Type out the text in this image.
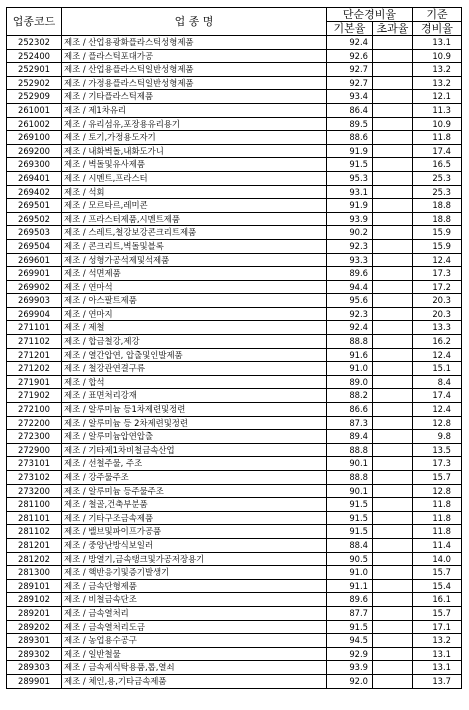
업종코드	업 종 명	단순경비율		기준
		기본율	초과율	경비율
252302	제조 / 산업용광화플라스틱성형제품	92.4		13.1
252400	제조 / 플라스틱포대가공	92.6		10.9
252901	제조 / 산업용플라스틱일반성형제품	92.7		13.2
252902	제조 / 가정용플라스틱일반성형제품	92.7		13.2
252909	제조 / 기타플라스틱제품	93.4		12.1
261001	제조 / 제1차유리	86.4		11.3
261002	제조 / 유리섬유,포장용유리용기	89.5		10.9
269100	제조 / 토기,가정용도자기	88.6		11.8
269200	제조 / 내화벽돌,내화도가니	91.9		17.4
269300	제조 / 벽돌및유사제품	91.5		16.5
269401	제조 / 시멘트,프라스터	95.3		25.3
269402	제조 / 석회	93.1		25.3
269501	제조 / 모르타르,레미콘	91.9		18.8
269502	제조 / 프라스터제품,시멘트제품	93.9		18.8
269503	제조 / 스레트,철강보강콘크리트제품	90.2		15.9
269504	제조 / 콘크리트,벽돌및블록	92.3		15.9
269601	제조 / 성형가공석제및석제품	93.3		12.4
269901	제조 / 석면제품	89.6		17.3
269902	제조 / 연마석	94.4		17.2
269903	제조 / 아스팔트제품	95.6		20.3
269904	제조 / 연마지	92.3		20.3
271101	제조 / 제철	92.4		13.3
271102	제조 / 합금철강,제강	88.8		16.2
271201	제조 / 열간압연, 압출및인발제품	91.6		12.4
271202	제조 / 철강관연결구류	91.0		15.1
271901	제조 / 합석	89.0		8.4
271902	제조 / 표면처리강재	88.2		17.4
272100	제조 / 알루미늄 등1차제련및정련	86.6		12.4
272200	제조 / 알루미늄 등 2차제련및정련	87.3		12.8
272300	제조 / 알루미늄압연압출	89.4		9.8
272900	제조 / 기타제1차비철금속산업	88.8		13.5
273101	제조 / 선철주물, 주조	90.1		17.3
273102	제조 / 강주물주조	88.8		15.7
273200	제조 / 알루미늄 등주물주조	90.1		12.8
281100	제조 / 철골,건축부분품	91.5		11.8
281101	제조 / 기타구조금속제품	91.5		11.8
281102	제조 / 밸브및파이프가공품	91.5		11.8
281201	제조 / 중앙난방식보일러	88.4		11.4
281202	제조 / 방열기,금속탱크및가공저장용기	90.5		14.0
281300	제조 / 핵반응기및증기발생기	91.0		15.7
289101	제조 / 금속단형제품	91.1		15.4
289102	제조 / 비철금속단조	89.6		16.1
289201	제조 / 금속열처리	87.7		15.7
289202	제조 / 금속열처리도금	91.5		17.1
289301	제조 / 농업용수공구	94.5		13.2
289302	제조 / 일반철물	92.9		13.1
289303	제조 / 금속제식탁용품,톱,열쇠	93.9		13.1
289901	제조 / 체인,용,기타금속제품	92.0		13.7
